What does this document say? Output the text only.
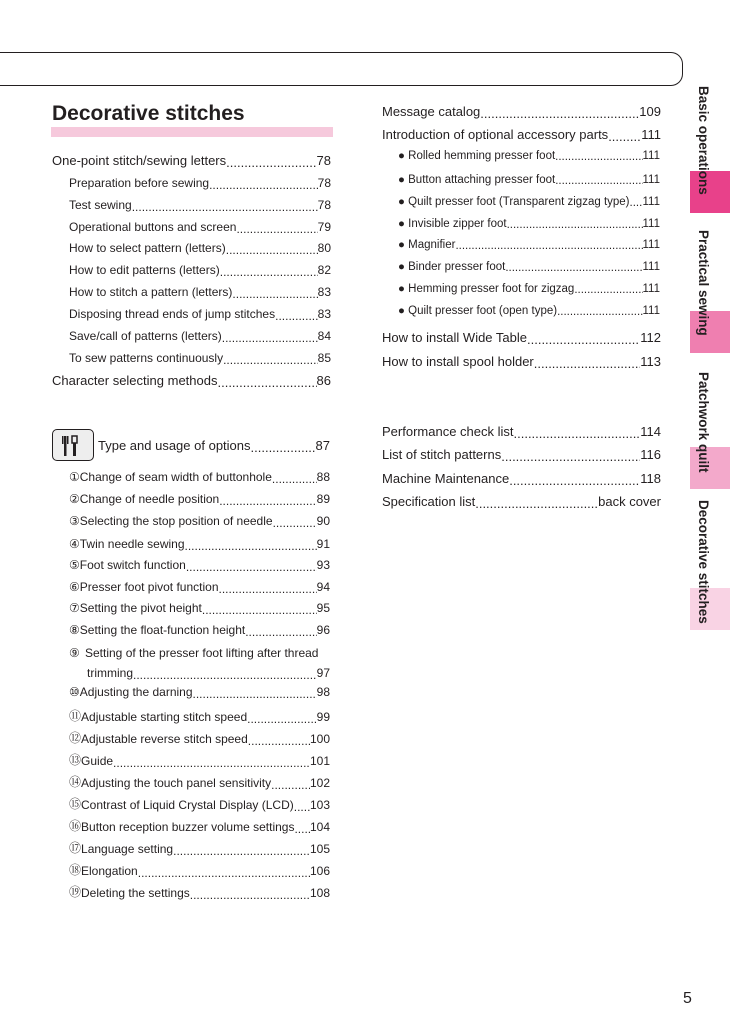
Decorative stitches
One-point stitch/sewing letters .....	78
Preparation before sewing .....	78
Test sewing .....	78
Operational buttons and screen .....	79
How to select pattern (letters) .....	80
How to edit patterns (letters) .....	82
How to stitch a pattern (letters) .....	83
Disposing thread ends of jump stitches .....	83
Save/call of patterns (letters) .....	84
To sew patterns continuously .....	85
Character selecting methods .....	86
Type and usage of options .....	87
① Change of seam width of buttonhole .....	88
② Change of needle position .....	89
③ Selecting the stop position of needle .....	90
④ Twin needle sewing .....	91
⑤ Foot switch function .....	93
⑥ Presser foot pivot function .....	94
⑦ Setting the pivot height .....	95
⑧ Setting the float-function height .....	96
⑩ Adjusting the darning .....	98
⑪ Adjustable starting stitch speed .....	99
⑫ Adjustable reverse stitch speed .....	100
⑬ Guide .....	101
⑭ Adjusting the touch panel sensitivity .....	102
⑮ Contrast of Liquid Crystal Display (LCD) ..... 103
⑯ Button reception buzzer volume settings ..... 104
⑰ Language setting .....	105
⑱ Elongation .....	106
⑲ Deleting the settings .....	108
⑨ Setting of the presser foot lifting after thread
trimming .....	97
Message catalog .....	109
Introduction of optional accessory parts .....	111
● Rolled hemming presser foot .....	111
● Button attaching presser foot .....	111
● Quilt presser foot (Transparent zigzag type) ..... 111
● Invisible zipper foot .....	111
● Magnifier .....	111
● Binder presser foot .....	111
● Hemming presser foot for zigzag .....	111
● Quilt presser foot (open type) .....	111
How to install Wide Table .....	112
How to install spool holder .....	113
Performance check list .....	114
List of stitch patterns .....	116
Machine Maintenance .....	118
Specification list .....	back cover
Basic operations
Practical sewing
Patchwork quilt
Decorative stitches
5
